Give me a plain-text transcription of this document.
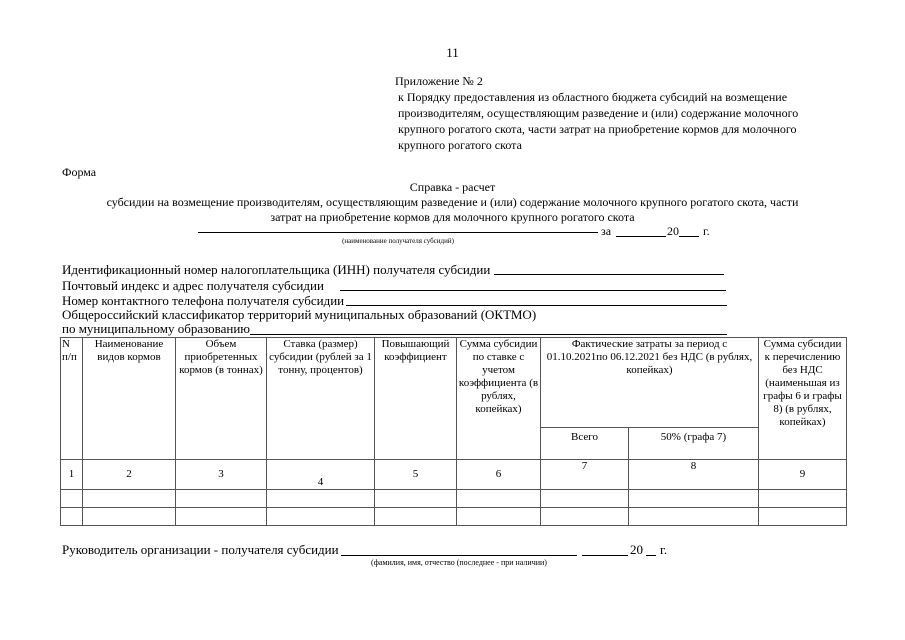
11
Приложение № 2
к Порядку предоставления из областного бюджета субсидий на возмещение производителям, осуществляющим разведение и (или) содержание молочного крупного рогатого скота, части затрат на приобретение кормов для молочного крупного рогатого скота
Форма
Справка - расчет
субсидии на возмещение производителям, осуществляющим разведение и (или) содержание молочного крупного рогатого скота, части
затрат на приобретение кормов для молочного крупного рогатого скота
за	20 г.
(наименование получателя субсидий)
Идентификационный номер налогоплательщика (ИНН) получателя субсидии
Почтовый индекс и адрес получателя субсидии
Номер контактного телефона получателя субсидии
Общероссийский классификатор территорий муниципальных образований (ОКТМО)
по муниципальному образованию
N п/п	Наименование видов кормов	Объем приобретенных кормов (в тоннах)	Ставка (размер) субсидии (рублей за 1 тонну, процентов)	Повышающий коэффициент	Сумма субсидии по ставке с учетом коэффициента (в рублях, копейках)	Фактические затраты за период с 01.10.2021по 06.12.2021 без НДС (в рублях, копейках)		Сумма субсидии к перечислению без НДС (наименьшая из графы 6 и графы 8) (в рублях, копейках)
						Всего	50% (графа 7)	
1	2	3	4	5	6	7	8	9

Руководитель организации - получателя субсидии	20 г.
(фамилия, имя, отчество (последнее - при наличии)
